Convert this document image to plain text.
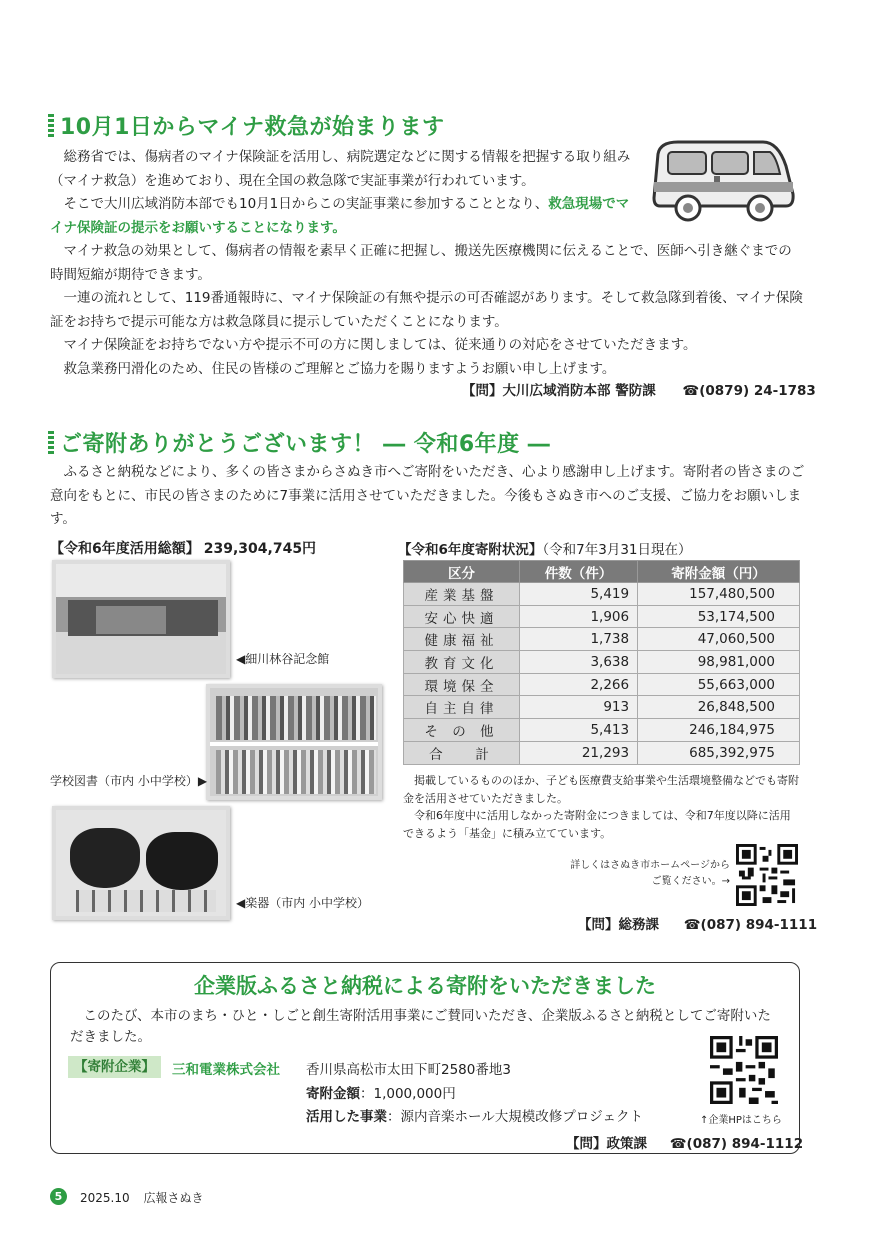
10月1日からマイナ救急が始まります

総務省では、傷病者のマイナ保険証を活用し、病院選定などに関する情報を把握する取り組み（マイナ救急）を進めており、現在全国の救急隊で実証事業が行われています。

そこで大川広域消防本部でも10月1日からこの実証事業に参加することとなり、救急現場でマイナ保険証の提示をお願いすることになります。

マイナ救急の効果として、傷病者の情報を素早く正確に把握し、搬送先医療機関に伝えることで、医師へ引き継ぐまでの時間短縮が期待できます。

一連の流れとして、119番通報時に、マイナ保険証の有無や提示の可否確認があります。そして救急隊到着後、マイナ保険証をお持ちで提示可能な方は救急隊員に提示していただくことになります。

マイナ保険証をお持ちでない方や提示不可の方に関しましては、従来通りの対応をさせていただきます。

救急業務円滑化のため、住民の皆様のご理解とご協力を賜りますようお願い申し上げます。

【問】大川広域消防本部 警防課 ☎(0879) 24-1783
ご寄附ありがとうございます！ ― 令和6年度 ―

ふるさと納税などにより、多くの皆さまからさぬき市へご寄附をいただき、心より感謝申し上げます。寄附者の皆さまのご意向をもとに、市民の皆さまのために7事業に活用させていただきました。今後もさぬき市へのご支援、ご協力をお願いします。

【令和6年度活用総額】 239,304,745円
◀細川林谷記念館
学校図書（市内 小中学校）▶
◀楽器（市内 小中学校）
【令和6年度寄附状況】（令和7年3月31日現在）
区分	件数（件）	寄附金額（円）
産業基盤	5,419	157,480,500
安心快適	1,906	53,174,500
健康福祉	1,738	47,060,500
教育文化	3,638	98,981,000
環境保全	2,266	55,663,000
自主自律	913	26,848,500
そ の 他	5,413	246,184,975
合　 計	21,293	685,392,975

掲載しているもののほか、子ども医療費支給事業や生活環境整備などでも寄附金を活用させていただきました。

令和6年度中に活用しなかった寄附金につきましては、令和7年度以降に活用できるよう「基金」に積み立てています。

詳しくはさぬき市ホームページから
ご覧ください。→
【問】総務課 ☎(087) 894-1111
企業版ふるさと納税による寄附をいただきました
このたび、本市のまち・ひと・しごと創生寄附活用事業にご賛同いただき、企業版ふるさと納税としてご寄附いただきました。
【寄附企業】	三和電業株式会社 香川県高松市太田下町2580番地3
寄附金額：1,000,000円
活用した事業：源内音楽ホール大規模改修プロジェクト	↑企業HPはこちら
【問】政策課 ☎(087) 894-1112
5	2025.10 広報さぬき
